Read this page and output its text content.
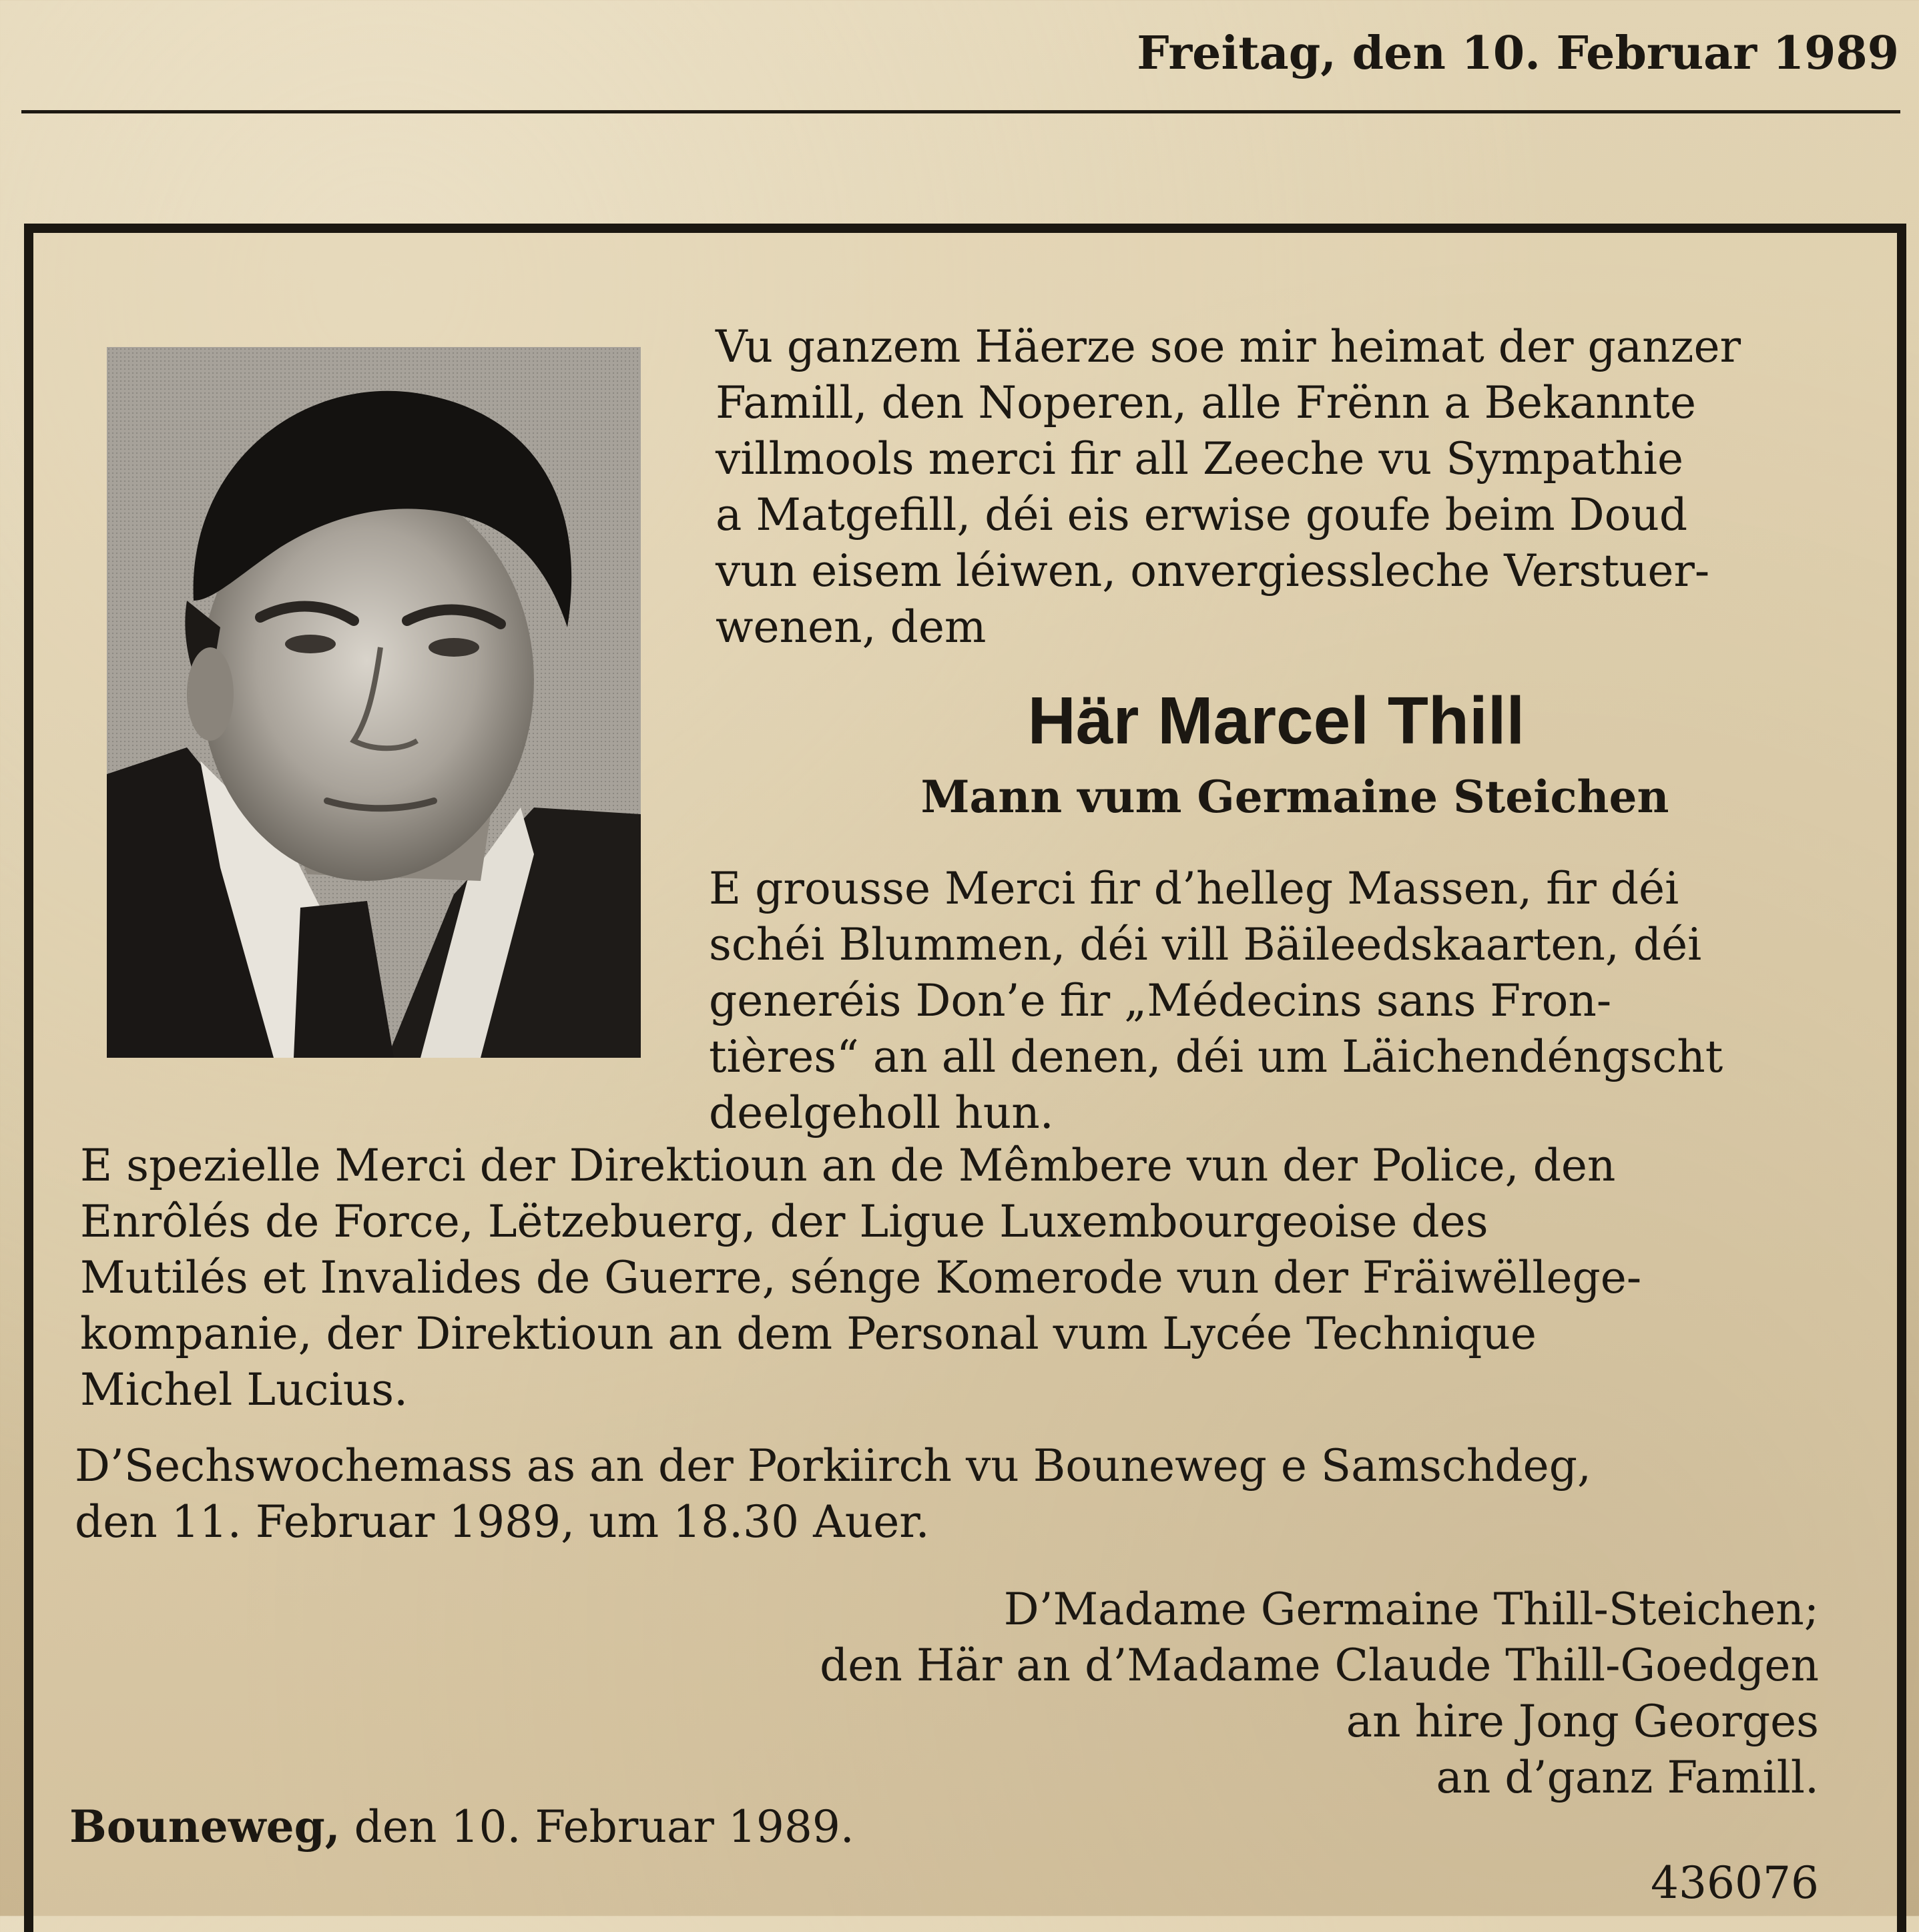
Freitag, den 10. Februar 1989
Vu ganzem Häerze soe mir heimat der ganzer
Famill, den Noperen, alle Frënn a Bekannte
villmools merci fir all Zeeche vu Sympathie
a Matgefill, déi eis erwise goufe beim Doud
vun eisem léiwen, onvergiessleche Verstuer-
wenen, dem
Här Marcel Thill
Mann vum Germaine Steichen
E grousse Merci fir d’helleg Massen, fir déi
schéi Blummen, déi vill Bäileedskaarten, déi
generéis Don’e fir „Médecins sans Fron-
tières“ an all denen, déi um Läichendéngscht
deelgeholl hun.
E spezielle Merci der Direktioun an de Mêmbere vun der Police, den
Enrôlés de Force, Lëtzebuerg, der Ligue Luxembourgeoise des
Mutilés et Invalides de Guerre, sénge Komerode vun der Fräiwëllege-
kompanie, der Direktioun an dem Personal vum Lycée Technique
Michel Lucius.
D’Sechswochemass as an der Porkiirch vu Bouneweg e Samschdeg,
den 11. Februar 1989, um 18.30 Auer.
D’Madame Germaine Thill-Steichen;
den Här an d’Madame Claude Thill-Goedgen
an hire Jong Georges
an d’ganz Famill.
Bouneweg, den 10. Februar 1989.
436076
